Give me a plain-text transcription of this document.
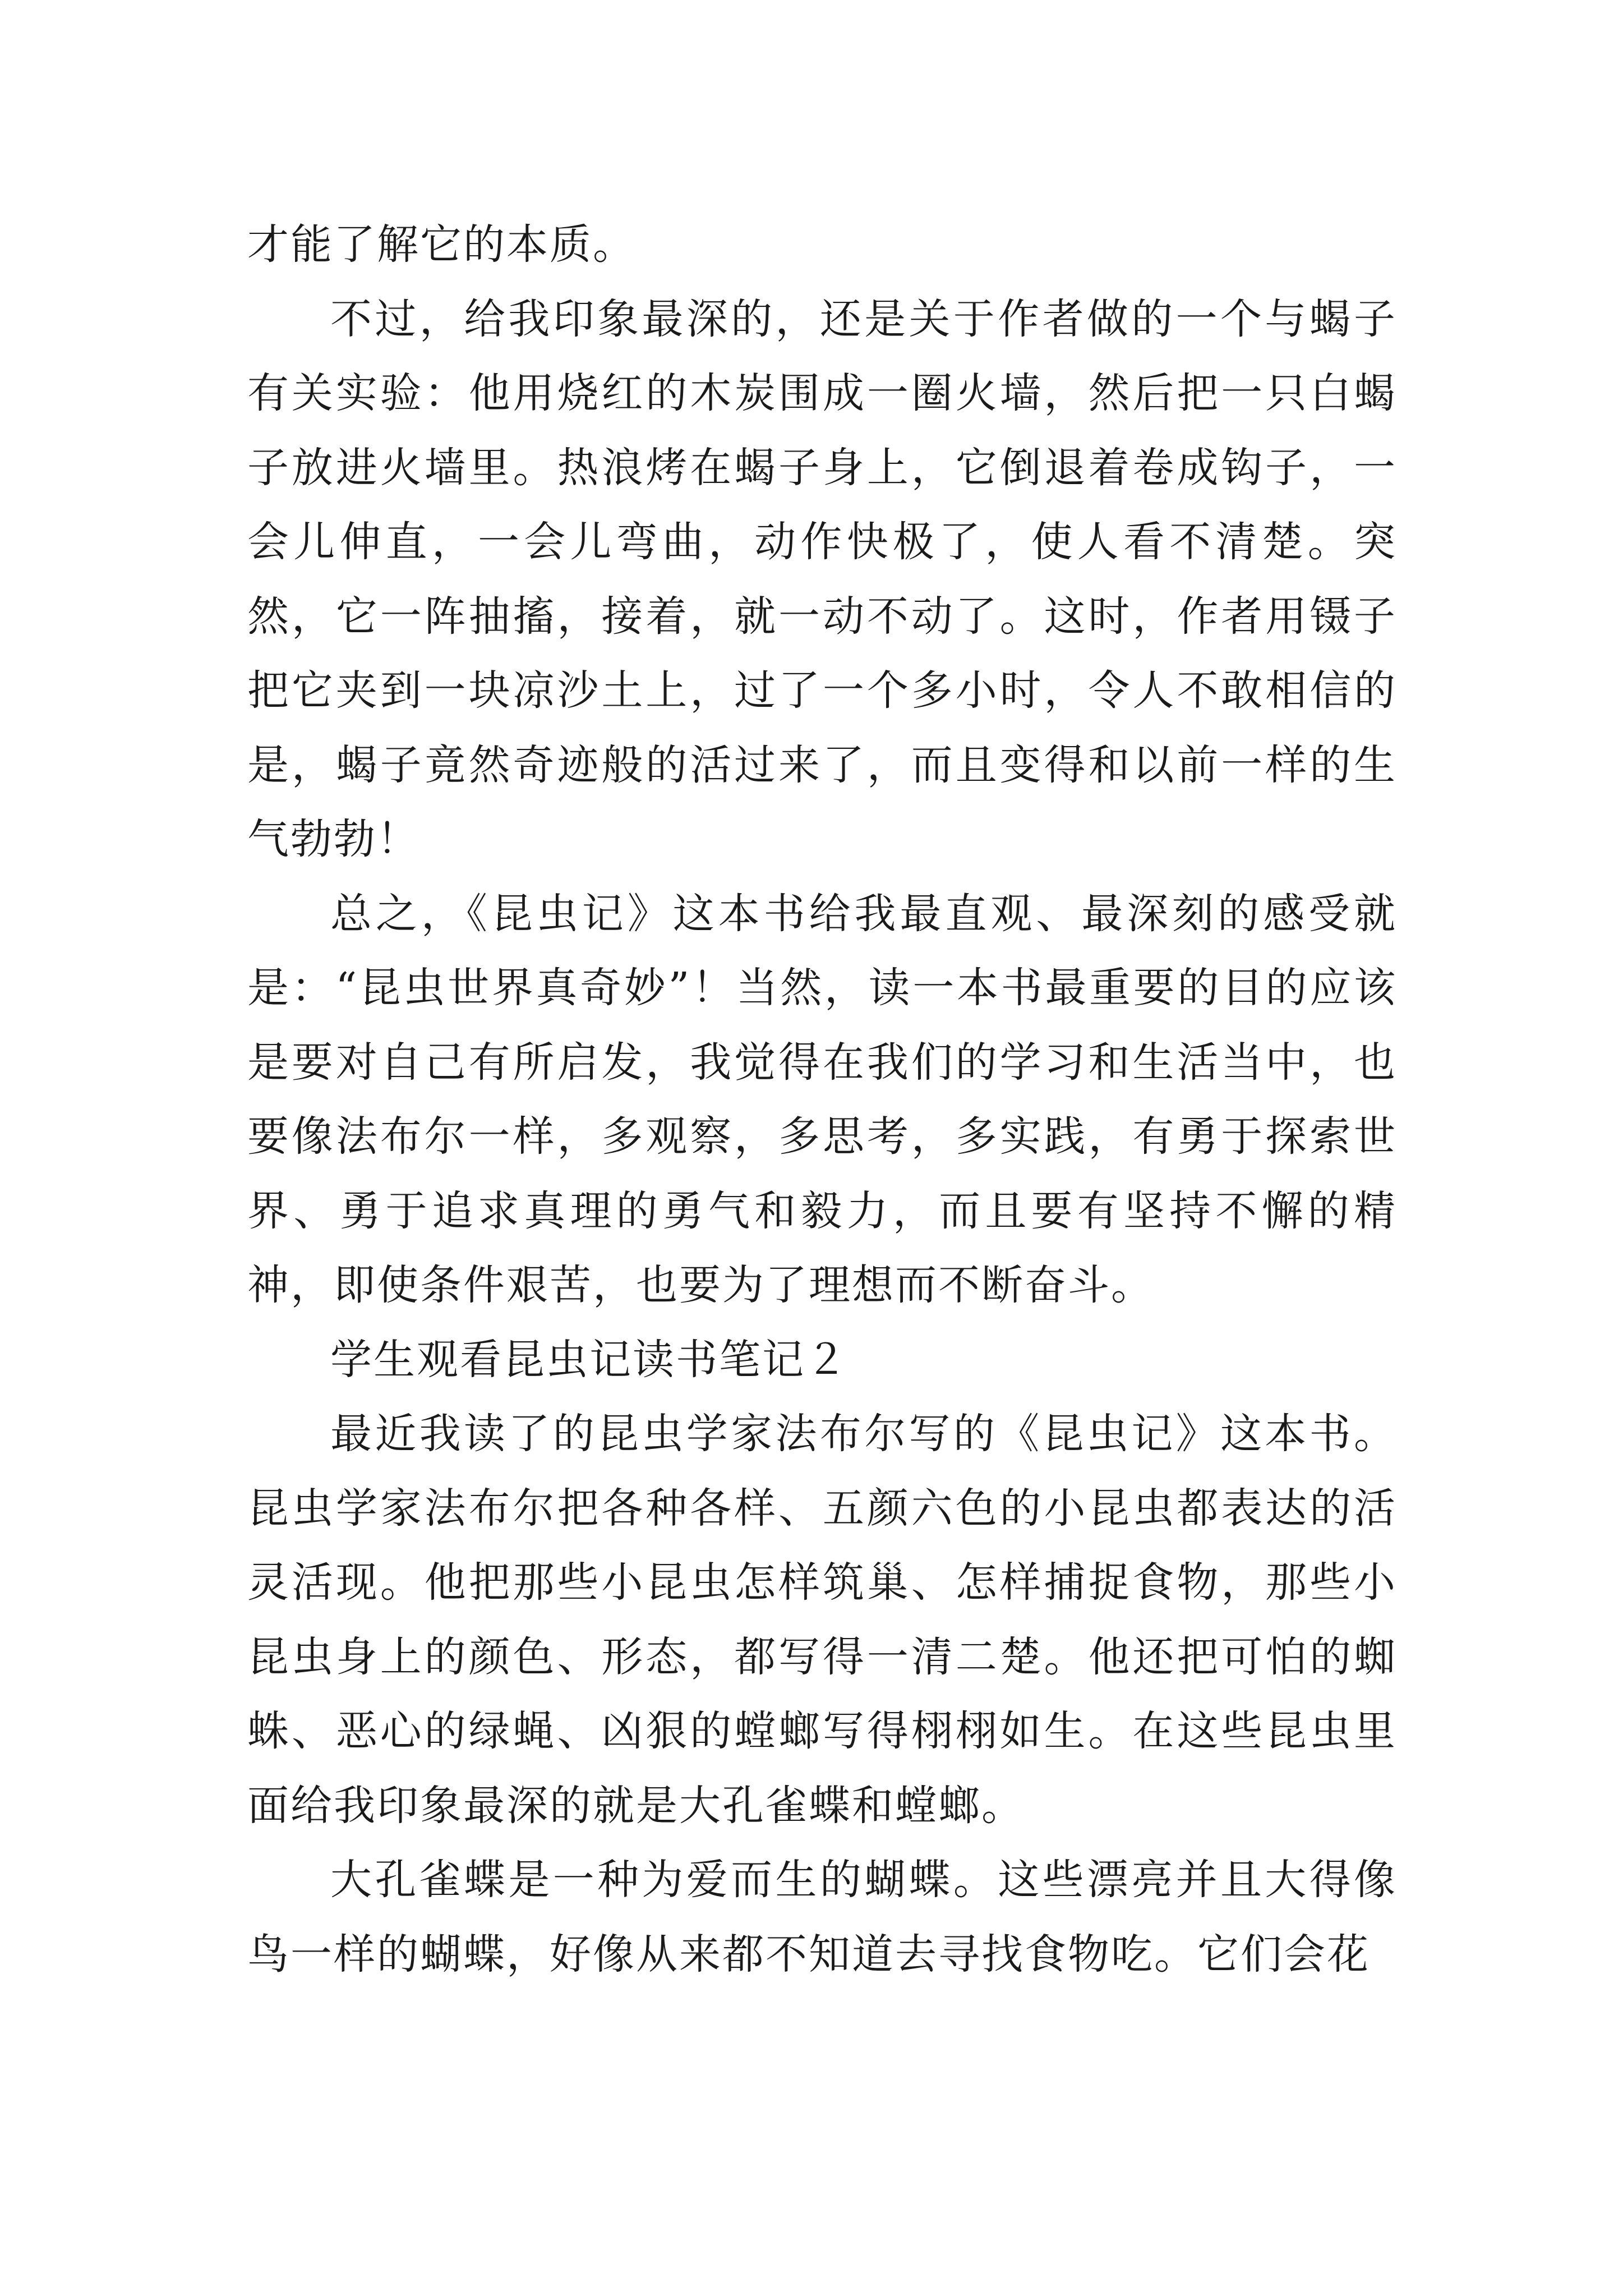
才能了解它的本质。

不过，给我印象最深的，还是关于作者做的一个与蝎子有关实验：他用烧红的木炭围成一圈火墙，然后把一只白蝎子放进火墙里。热浪烤在蝎子身上，它倒退着卷成钩子，一会儿伸直，一会儿弯曲，动作快极了，使人看不清楚。突然，它一阵抽搐，接着，就一动不动了。这时，作者用镊子把它夹到一块凉沙土上，过了一个多小时，令人不敢相信的是，蝎子竟然奇迹般的活过来了，而且变得和以前一样的生气勃勃！

总之，《昆虫记》这本书给我最直观、最深刻的感受就是：“昆虫世界真奇妙”！当然，读一本书最重要的目的应该是要对自己有所启发，我觉得在我们的学习和生活当中，也要像法布尔一样，多观察，多思考，多实践，有勇于探索世界、勇于追求真理的勇气和毅力，而且要有坚持不懈的精神，即使条件艰苦，也要为了理想而不断奋斗。

学生观看昆虫记读书笔记２

最近我读了的昆虫学家法布尔写的《昆虫记》这本书。昆虫学家法布尔把各种各样、五颜六色的小昆虫都表达的活灵活现。他把那些小昆虫怎样筑巢、怎样捕捉食物，那些小昆虫身上的颜色、形态，都写得一清二楚。他还把可怕的蜘蛛、恶心的绿蝇、凶狠的螳螂写得栩栩如生。在这些昆虫里面给我印象最深的就是大孔雀蝶和螳螂。

大孔雀蝶是一种为爱而生的蝴蝶。这些漂亮并且大得像鸟一样的蝴蝶，好像从来都不知道去寻找食物吃。它们会花
